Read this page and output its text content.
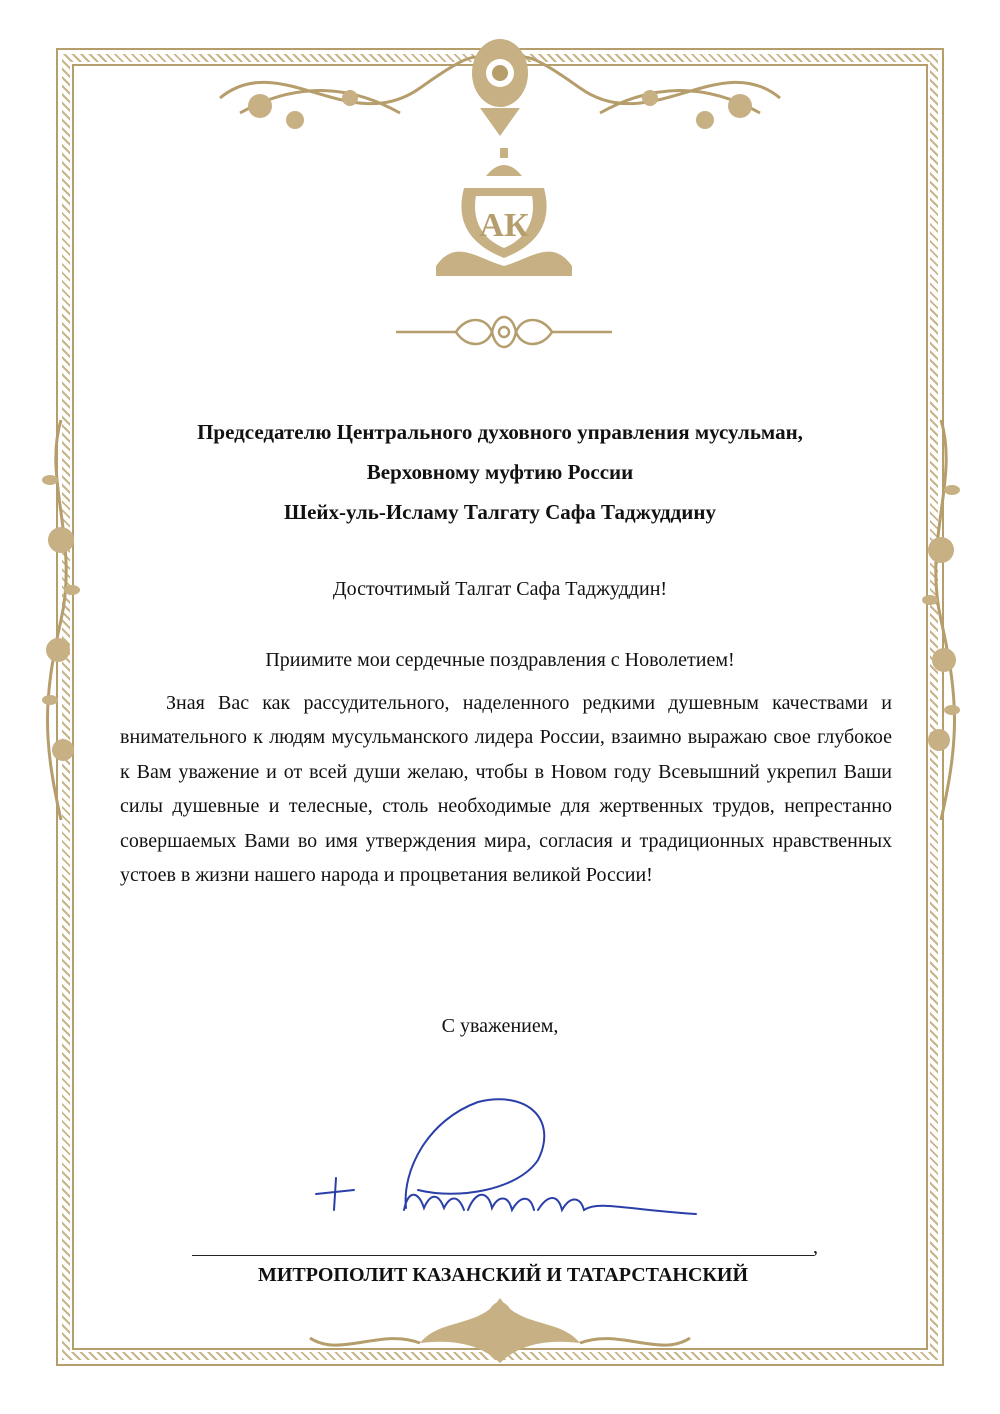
АК
Председателю Центрального духовного управления мусульман,
Верховному муфтию России
Шейх-уль-Исламу Талгату Сафа Таджуддину
Досточтимый Талгат Сафа Таджуддин!
Приимите мои сердечные поздравления с Новолетием!
Зная Вас как рассудительного, наделенного редкими душевным качествами и внимательного к людям мусульманского лидера России, взаимно выражаю свое глубокое к Вам уважение и от всей души желаю, чтобы в Новом году Всевышний укрепил Ваши силы душевные и телесные, столь необходимые для жертвенных трудов, непрестанно совершаемых Вами во имя утверждения мира, согласия и традиционных нравственных устоев в жизни нашего народа и процветания великой России!
С уважением,
,
МИТРОПОЛИТ КАЗАНСКИЙ И ТАТАРСТАНСКИЙ
